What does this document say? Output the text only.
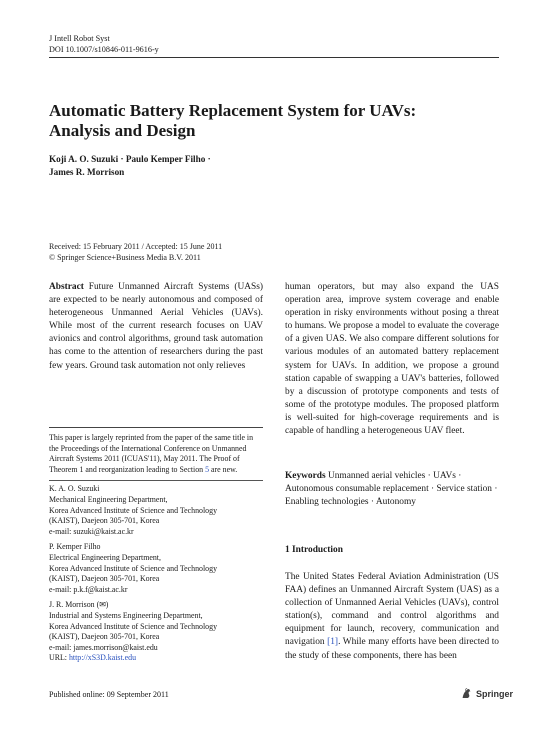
J Intell Robot Syst
DOI 10.1007/s10846-011-9616-y
Automatic Battery Replacement System for UAVs:
Analysis and Design
Koji A. O. Suzuki · Paulo Kemper Filho ·
James R. Morrison
Received: 15 February 2011 / Accepted: 15 June 2011
© Springer Science+Business Media B.V. 2011
Abstract Future Unmanned Aircraft Systems (UASs) are expected to be nearly autonomous and composed of heterogeneous Unmanned Aerial Vehicles (UAVs). While most of the current research focuses on UAV avionics and control algorithms, ground task automation has come to the attention of researchers during the past few years. Ground task automation not only relieves
human operators, but may also expand the UAS operation area, improve system coverage and enable operation in risky environments without posing a threat to humans. We propose a model to evaluate the coverage of a given UAS. We also compare different solutions for various modules of an automated battery replacement system for UAVs. In addition, we propose a ground station capable of swapping a UAV's batteries, followed by a discussion of prototype components and tests of some of the prototype modules. The proposed platform is well-suited for high-coverage requirements and is capable of handling a heterogeneous UAV fleet.
This paper is largely reprinted from the paper of the same title in the Proceedings of the International Conference on Unmanned Aircraft Systems 2011 (ICUAS'11), May 2011. The Proof of Theorem 1 and reorganization leading to Section 5 are new.
K. A. O. Suzuki
Mechanical Engineering Department,
Korea Advanced Institute of Science and Technology
(KAIST), Daejeon 305-701, Korea
e-mail: suzuki@kaist.ac.kr
P. Kemper Filho
Electrical Engineering Department,
Korea Advanced Institute of Science and Technology
(KAIST), Daejeon 305-701, Korea
e-mail: p.k.f@kaist.ac.kr
J. R. Morrison (✉)
Industrial and Systems Engineering Department,
Korea Advanced Institute of Science and Technology
(KAIST), Daejeon 305-701, Korea
e-mail: james.morrison@kaist.edu
URL: http://xS3D.kaist.edu
Keywords Unmanned aerial vehicles · UAVs · Autonomous consumable replacement · Service station · Enabling technologies · Autonomy
1 Introduction
The United States Federal Aviation Administration (US FAA) defines an Unmanned Aircraft System (UAS) as a collection of Unmanned Aerial Vehicles (UAVs), control station(s), command and control algorithms and equipment for launch, recovery, communication and navigation [1]. While many efforts have been directed to the study of these components, there has been
Published online: 09 September 2011	Springer
